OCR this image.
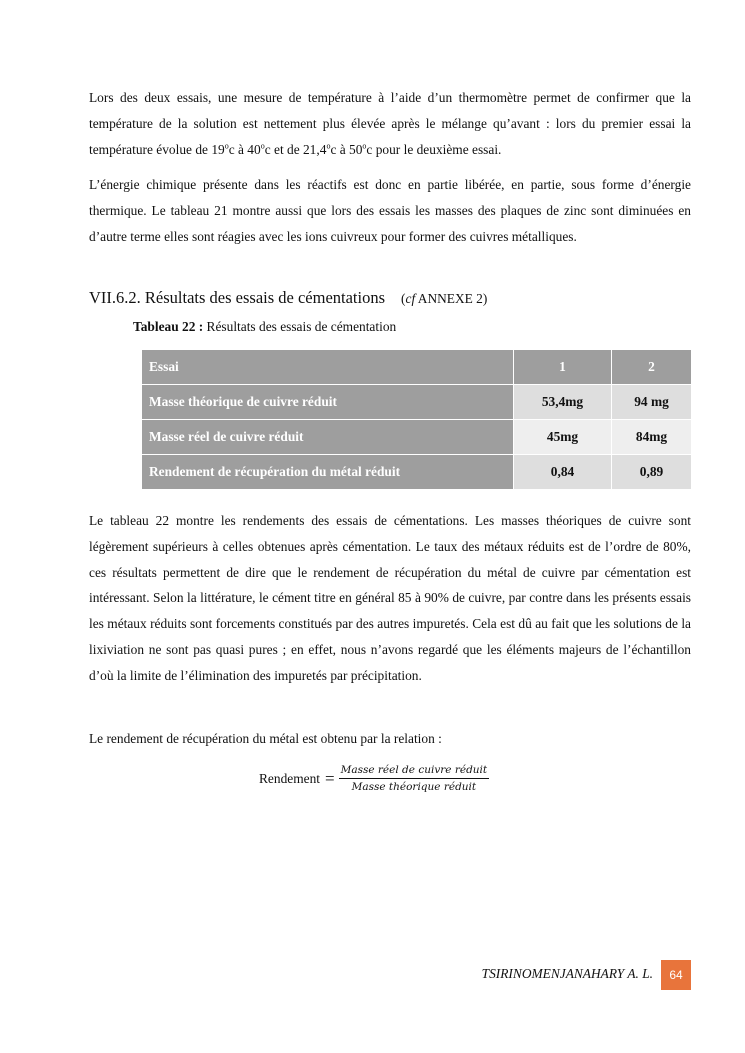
Lors des deux essais, une mesure de température à l’aide d’un thermomètre permet de confirmer que la température de la solution est nettement plus élevée après le mélange qu’avant : lors du premier essai la température évolue de 19$^o$c à 40$^o$c et de 21,4$^o$c à 50$^o$c pour le deuxième essai.

L’énergie chimique présente dans les réactifs est donc en partie libérée, en partie, sous forme d’énergie thermique. Le tableau 21 montre aussi que lors des essais les masses des plaques de zinc sont diminuées en d’autre terme elles sont réagies avec les ions cuivreux pour former des cuivres métalliques.

VII.6.2. Résultats des essais de cémentations (cf ANNEXE 2)

Tableau 22 : Résultats des essais de cémentation

Essai	1	2
Masse théorique de cuivre réduit	53,4mg	94 mg
Masse réel de cuivre réduit	45mg	84mg
Rendement de récupération du métal réduit	0,84	0,89

Le tableau 22 montre les rendements des essais de cémentations. Les masses théoriques de cuivre sont légèrement supérieurs à celles obtenues après cémentation. Le taux des métaux réduits est de l’ordre de 80%, ces résultats permettent de dire que le rendement de récupération du métal de cuivre par cémentation est intéressant. Selon la littérature, le cément titre en général 85 à 90% de cuivre, par contre dans les présents essais les métaux réduits sont forcements constitués par des autres impuretés. Cela est dû au fait que les solutions de la lixiviation ne sont pas quasi pures ; en effet, nous n’avons regardé que les éléments majeurs de l’échantillon d’où la limite de l’élimination des impuretés par précipitation.

Le rendement de récupération du métal est obtenu par la relation :

Rendement = $\frac{\text{Masse réel de cuivre réduit}}{\text{Masse théorique réduit}}$
TSIRINOMENJANAHARY A. L.	64
